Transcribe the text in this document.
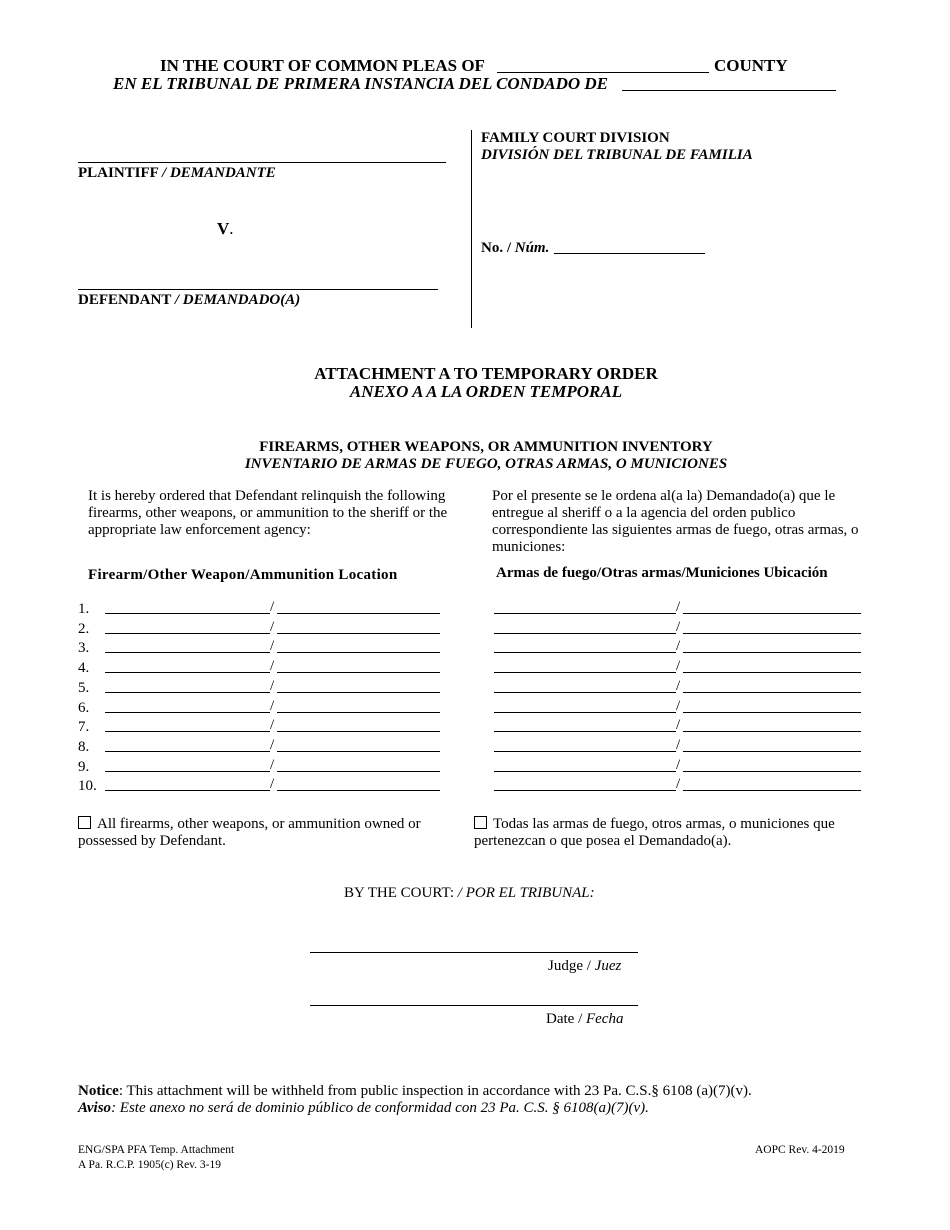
IN THE COURT OF COMMON PLEAS OF	COUNTY
EN EL TRIBUNAL DE PRIMERA INSTANCIA DEL CONDADO DE
PLAINTIFF / DEMANDANTE
V.
DEFENDANT / DEMANDADO(A)
FAMILY COURT DIVISION
DIVISIÓN DEL TRIBUNAL DE FAMILIA
No. / Núm.
ATTACHMENT A TO TEMPORARY ORDER
ANEXO A A LA ORDEN TEMPORAL
FIREARMS, OTHER WEAPONS, OR AMMUNITION INVENTORY
INVENTARIO DE ARMAS DE FUEGO, OTRAS ARMAS, O MUNICIONES
It is hereby ordered that Defendant relinquish the following firearms, other weapons, or ammunition to the sheriff or the appropriate law enforcement agency:
Por el presente se le ordena al(a la) Demandado(a) que le entregue al sheriff o a la agencia del orden publico correspondiente las siguientes armas de fuego, otras armas, o municiones:
Firearm/Other Weapon/Ammunition Location	Armas de fuego/Otras armas/Municiones Ubicación
1.	/	/
2.	/	/
3.	/	/
4.	/	/
5.	/	/
6.	/	/
7.	/	/
8.	/	/
9.	/	/
10.	/	/
All firearms, other weapons, or ammunition owned or possessed by Defendant.
Todas las armas de fuego, otros armas, o municiones que pertenezcan o que posea el Demandado(a).
BY THE COURT: / POR EL TRIBUNAL:
Judge / Juez
Date / Fecha
Notice: This attachment will be withheld from public inspection in accordance with 23 Pa. C.S.§ 6108 (a)(7)(v).
Aviso: Este anexo no será de dominio público de conformidad con 23 Pa. C.S. § 6108(a)(7)(v).
ENG/SPA PFA Temp. Attachment
A Pa. R.C.P. 1905(c) Rev. 3-19
AOPC Rev. 4-2019
